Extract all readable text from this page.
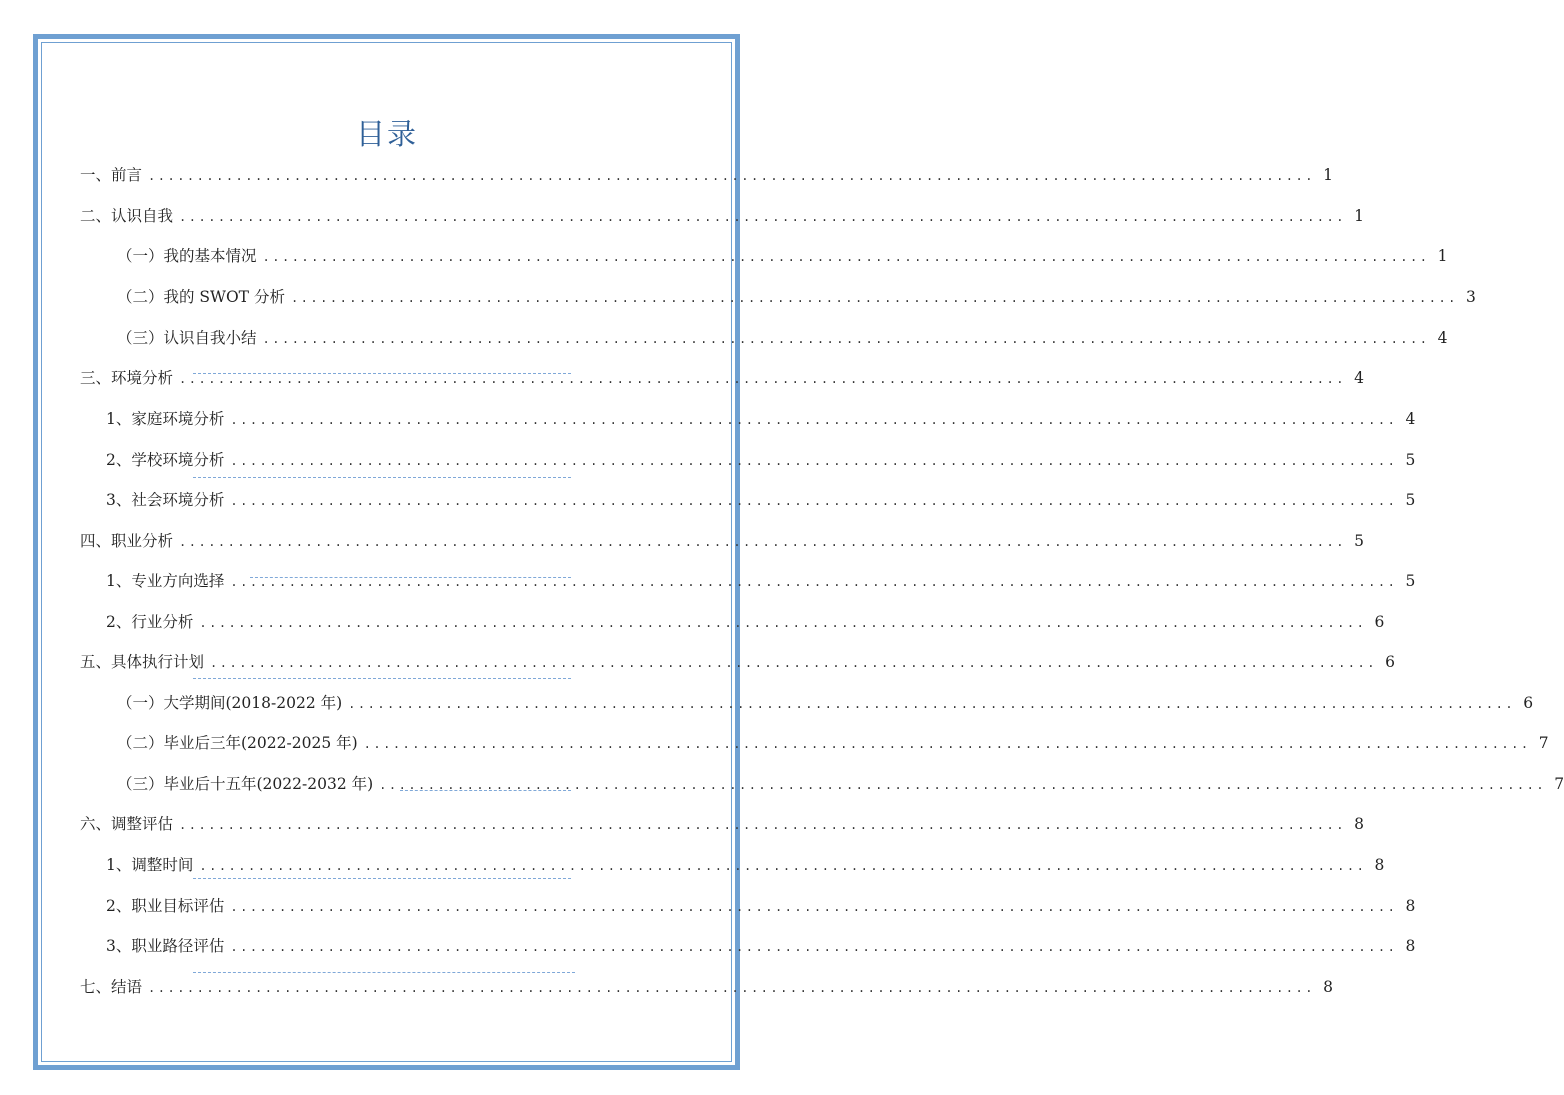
目录
一、前言 ........................................................................................................................ 1
二、认识自我 ........................................................................................................................ 1
（一）我的基本情况 ........................................................................................................................ 1
（二）我的 SWOT 分析 ........................................................................................................................ 3
（三）认识自我小结 ........................................................................................................................ 4
三、环境分析 ........................................................................................................................ 4
1、家庭环境分析 ........................................................................................................................ 4
2、学校环境分析 ........................................................................................................................ 5
3、社会环境分析 ........................................................................................................................ 5
四、职业分析 ........................................................................................................................ 5
1、专业方向选择 ........................................................................................................................ 5
2、行业分析 ........................................................................................................................ 6
五、具体执行计划 ........................................................................................................................ 6
（一）大学期间(2018-2022 年) ........................................................................................................................ 6
（二）毕业后三年(2022-2025 年) ........................................................................................................................ 7
（三）毕业后十五年(2022-2032 年) ........................................................................................................................ 7
六、调整评估 ........................................................................................................................ 8
1、调整时间 ........................................................................................................................ 8
2、职业目标评估 ........................................................................................................................ 8
3、职业路径评估 ........................................................................................................................ 8
七、结语 ........................................................................................................................ 8
